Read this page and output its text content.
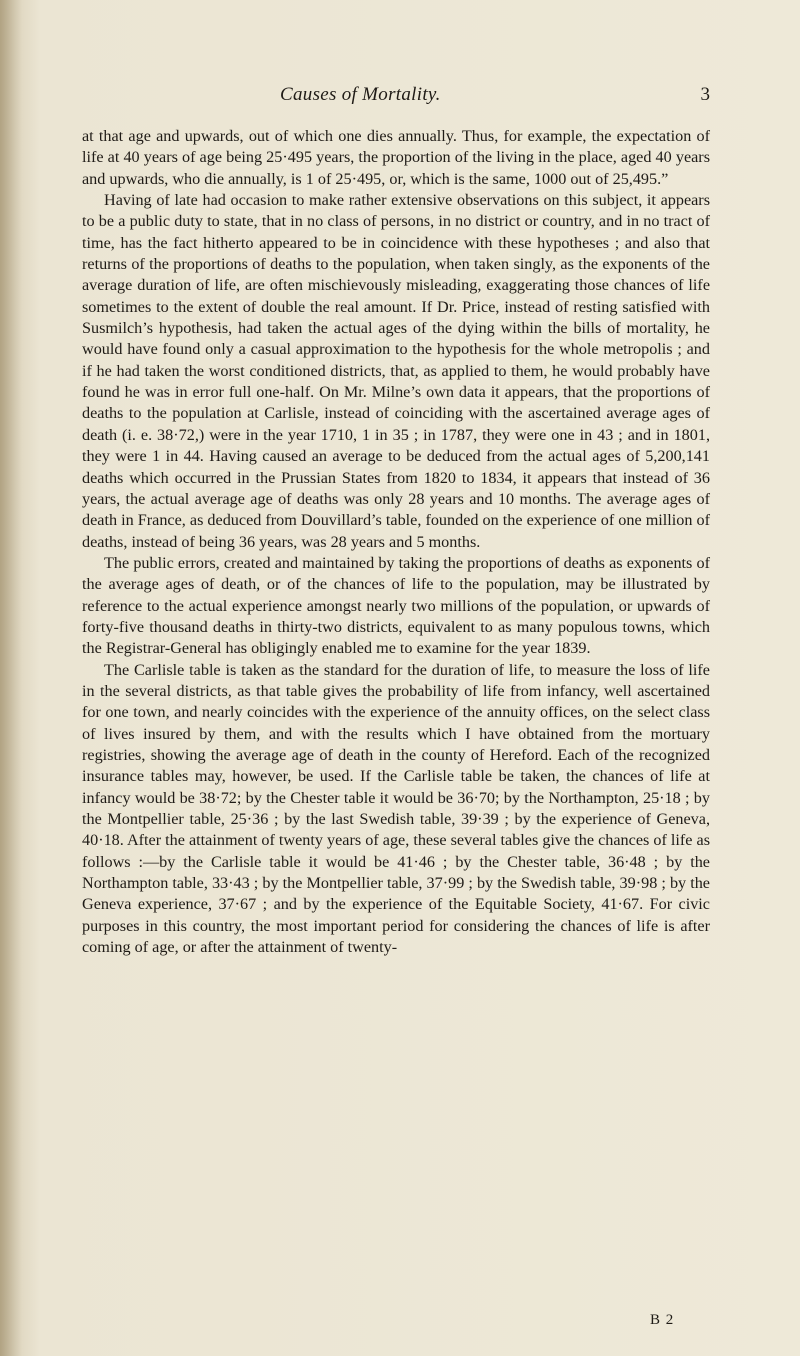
Causes of Mortality.	3

at that age and upwards, out of which one dies annually. Thus, for example, the expectation of life at 40 years of age being 25·495 years, the proportion of the living in the place, aged 40 years and upwards, who die annually, is 1 of 25·495, or, which is the same, 1000 out of 25,495.”

Having of late had occasion to make rather extensive observations on this subject, it appears to be a public duty to state, that in no class of persons, in no district or country, and in no tract of time, has the fact hitherto appeared to be in coincidence with these hypotheses ; and also that returns of the proportions of deaths to the population, when taken singly, as the exponents of the average duration of life, are often mischievously misleading, exaggerating those chances of life sometimes to the extent of double the real amount. If Dr. Price, instead of resting satisfied with Susmilch’s hypothesis, had taken the actual ages of the dying within the bills of mortality, he would have found only a casual approximation to the hypothesis for the whole metropolis ; and if he had taken the worst conditioned districts, that, as applied to them, he would probably have found he was in error full one-half. On Mr. Milne’s own data it appears, that the proportions of deaths to the population at Carlisle, instead of coinciding with the ascertained average ages of death (i. e. 38·72,) were in the year 1710, 1 in 35 ; in 1787, they were one in 43 ; and in 1801, they were 1 in 44. Having caused an average to be deduced from the actual ages of 5,200,141 deaths which occurred in the Prussian States from 1820 to 1834, it appears that instead of 36 years, the actual average age of deaths was only 28 years and 10 months. The average ages of death in France, as deduced from Douvillard’s table, founded on the experience of one million of deaths, instead of being 36 years, was 28 years and 5 months.

The public errors, created and maintained by taking the proportions of deaths as exponents of the average ages of death, or of the chances of life to the population, may be illustrated by reference to the actual experience amongst nearly two millions of the population, or upwards of forty-five thousand deaths in thirty-two districts, equivalent to as many populous towns, which the Registrar-General has obligingly enabled me to examine for the year 1839.

The Carlisle table is taken as the standard for the duration of life, to measure the loss of life in the several districts, as that table gives the probability of life from infancy, well ascertained for one town, and nearly coincides with the experience of the annuity offices, on the select class of lives insured by them, and with the results which I have obtained from the mortuary registries, showing the average age of death in the county of Hereford. Each of the recognized insurance tables may, however, be used. If the Carlisle table be taken, the chances of life at infancy would be 38·72; by the Chester table it would be 36·70; by the Northampton, 25·18 ; by the Montpellier table, 25·36 ; by the last Swedish table, 39·39 ; by the experience of Geneva, 40·18. After the attainment of twenty years of age, these several tables give the chances of life as follows :—by the Carlisle table it would be 41·46 ; by the Chester table, 36·48 ; by the Northampton table, 33·43 ; by the Montpellier table, 37·99 ; by the Swedish table, 39·98 ; by the Geneva experience, 37·67 ; and by the experience of the Equitable Society, 41·67. For civic purposes in this country, the most important period for considering the chances of life is after coming of age, or after the attainment of twenty-

B 2
